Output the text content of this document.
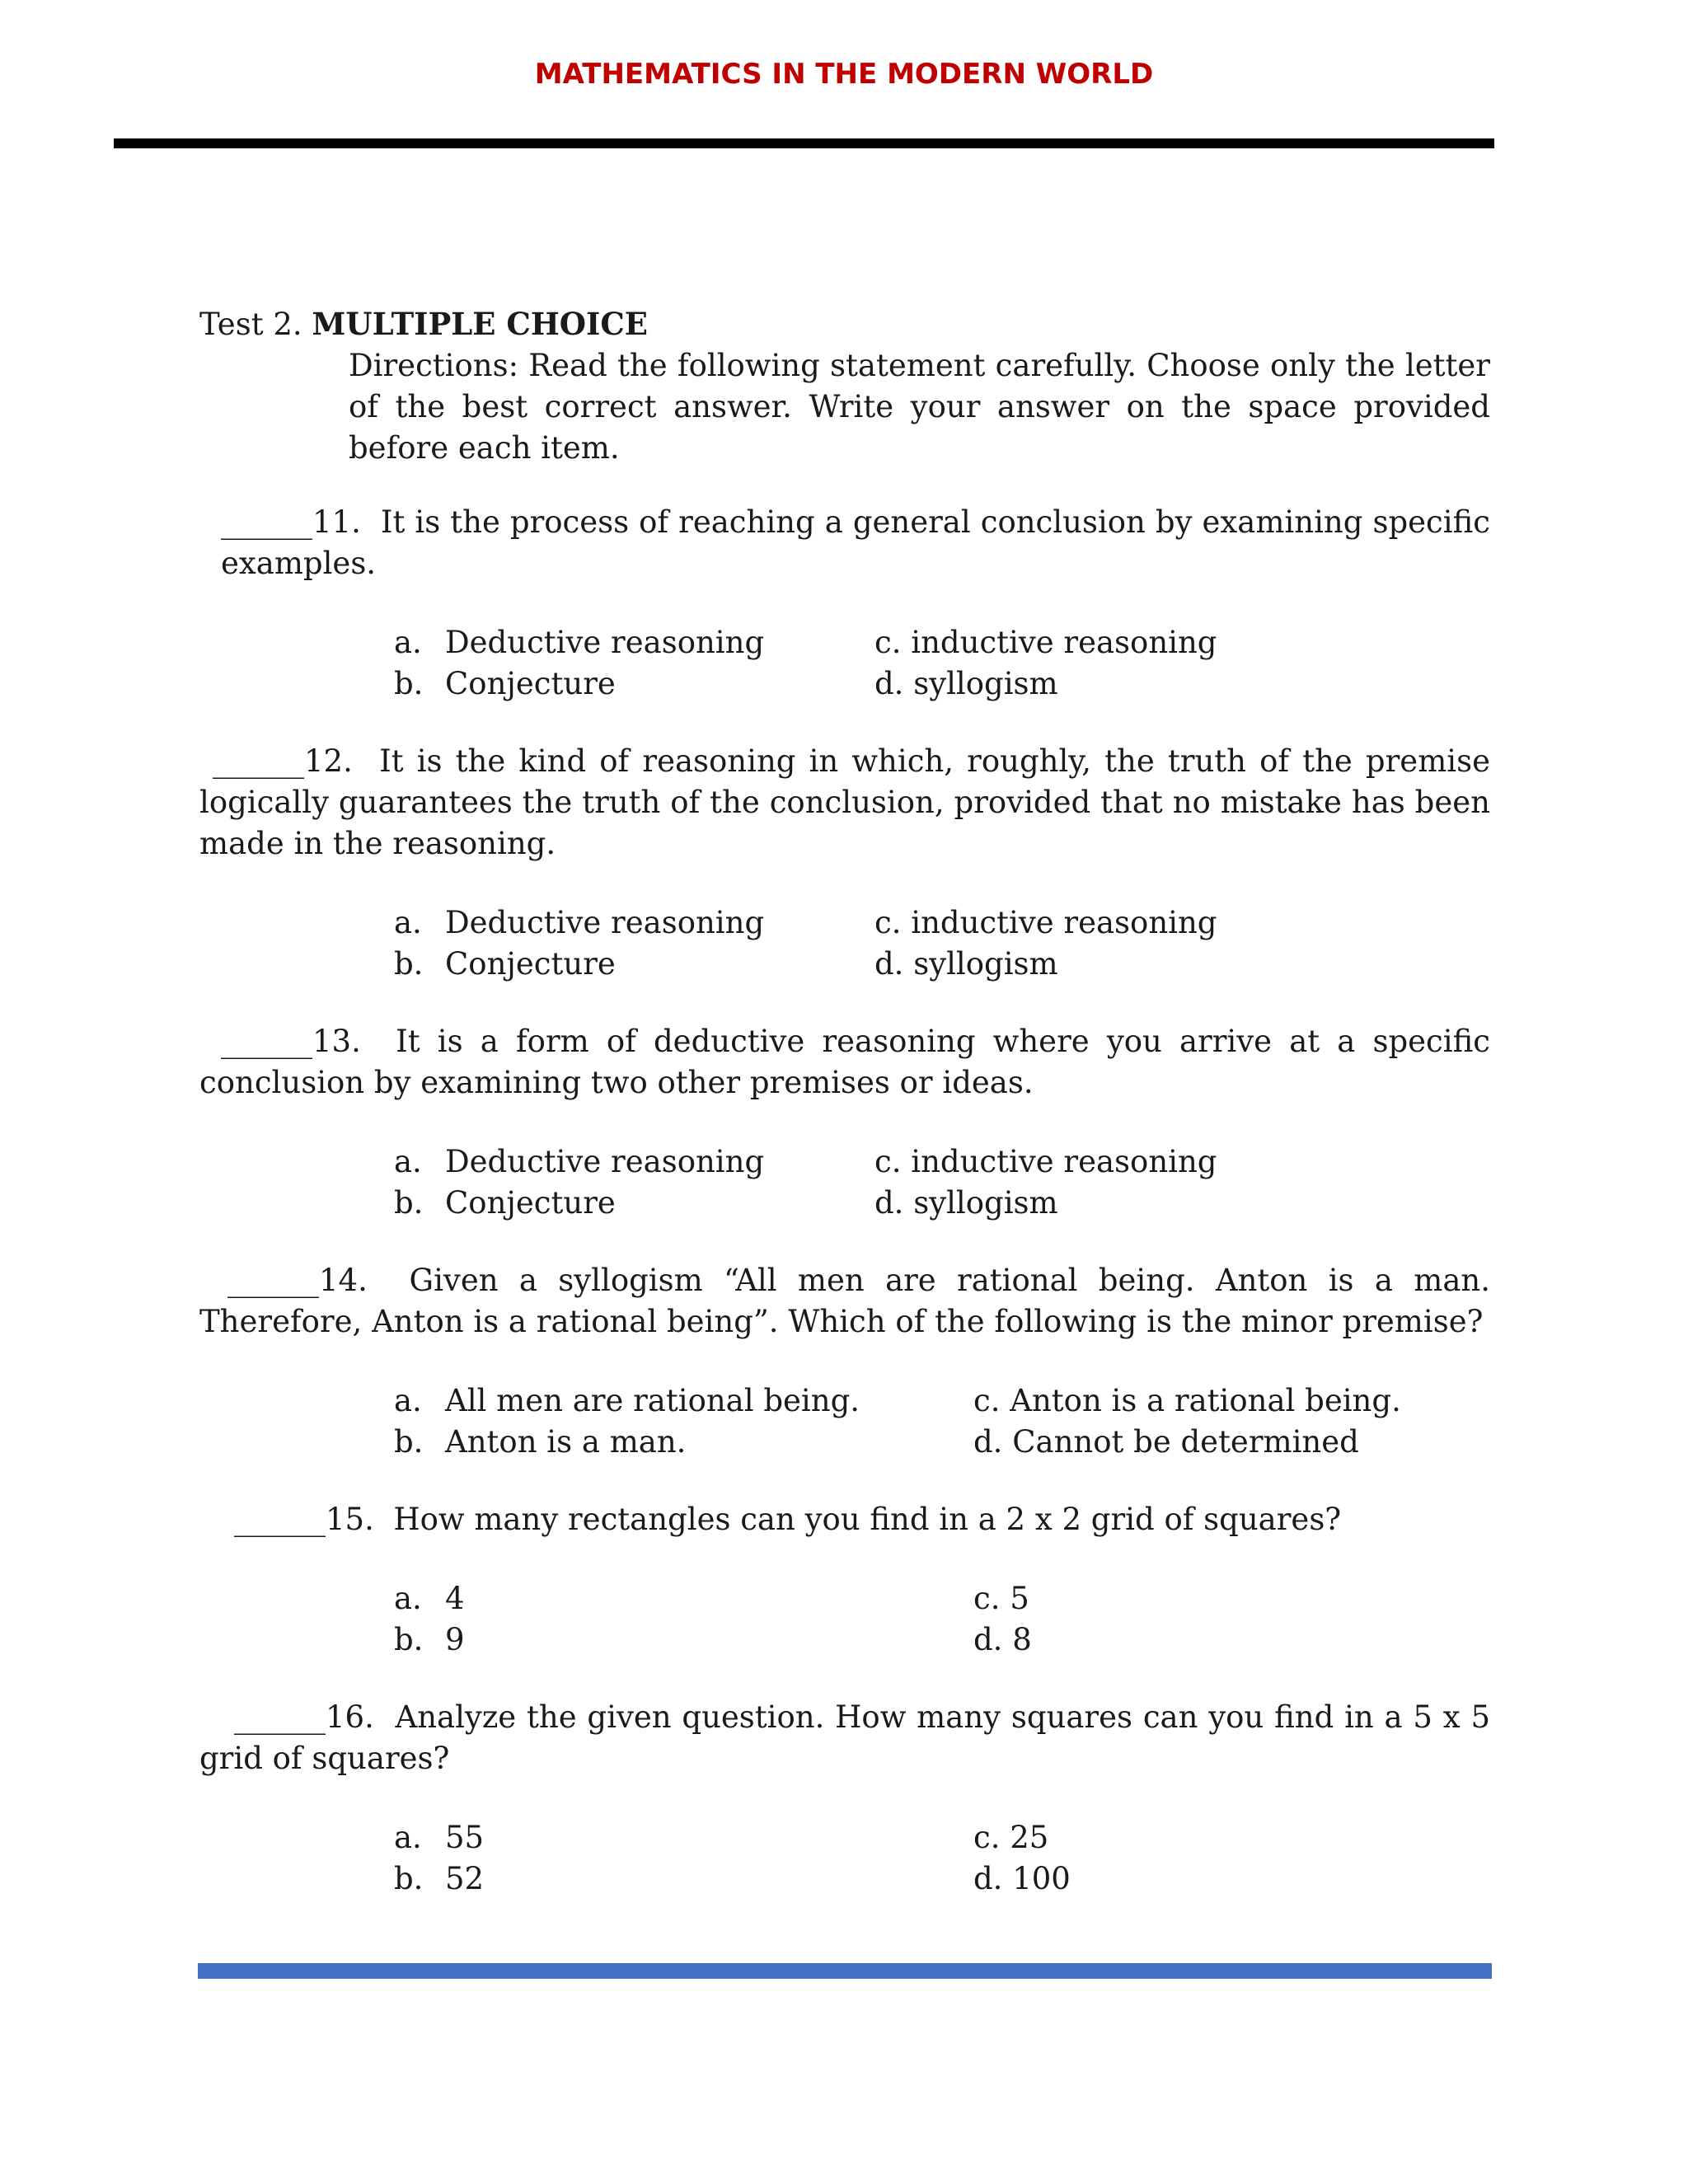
MATHEMATICS IN THE MODERN WORLD

Test 2. MULTIPLE CHOICE

Directions: Read the following statement carefully. Choose only the letter of the best correct answer. Write your answer on the space provided before each item.

______11. It is the process of reaching a general conclusion by examining specific examples.

a. Deductive reasoning	c. inductive reasoning
b. Conjecture	d. syllogism

______12. It is the kind of reasoning in which, roughly, the truth of the premise logically guarantees the truth of the conclusion, provided that no mistake has been made in the reasoning.

a. Deductive reasoning	c. inductive reasoning
b. Conjecture	d. syllogism

______13. It is a form of deductive reasoning where you arrive at a specific conclusion by examining two other premises or ideas.

a. Deductive reasoning	c. inductive reasoning
b. Conjecture	d. syllogism

______14. Given a syllogism “All men are rational being. Anton is a man. Therefore, Anton is a rational being”. Which of the following is the minor premise?

a. All men are rational being.	c. Anton is a rational being.
b. Anton is a man.	d. Cannot be determined

______15. How many rectangles can you find in a 2 x 2 grid of squares?

a. 4	c. 5
b. 9	d. 8

______16. Analyze the given question. How many squares can you find in a 5 x 5 grid of squares?

a. 55	c. 25
b. 52	d. 100
